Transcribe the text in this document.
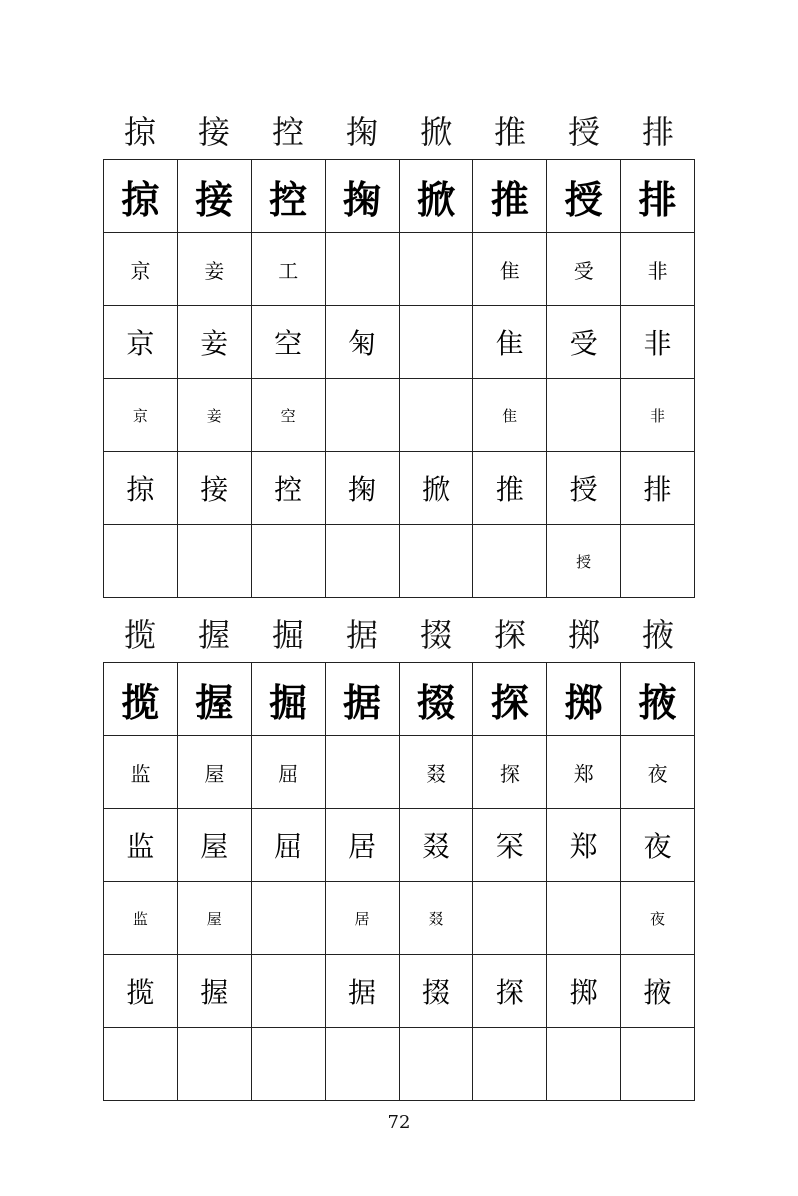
掠	接	控	掬	掀	推	授	排
掠	接	控	掬	掀	推	授	排
京	妾	工			隹	受	非
京	妾	空	匊		隹	受	非
京	妾	空			隹		非
掠	接	控	掬	掀	推	授	排
						授	
揽	握	掘	据	掇	探	掷	掖
揽	握	掘	据	掇	探	掷	掖
监	屋	屈		叕	探	郑	夜
监	屋	屈	居	叕	罙	郑	夜
监	屋		居	叕			夜
揽	握		据	掇	探	掷	掖

72
